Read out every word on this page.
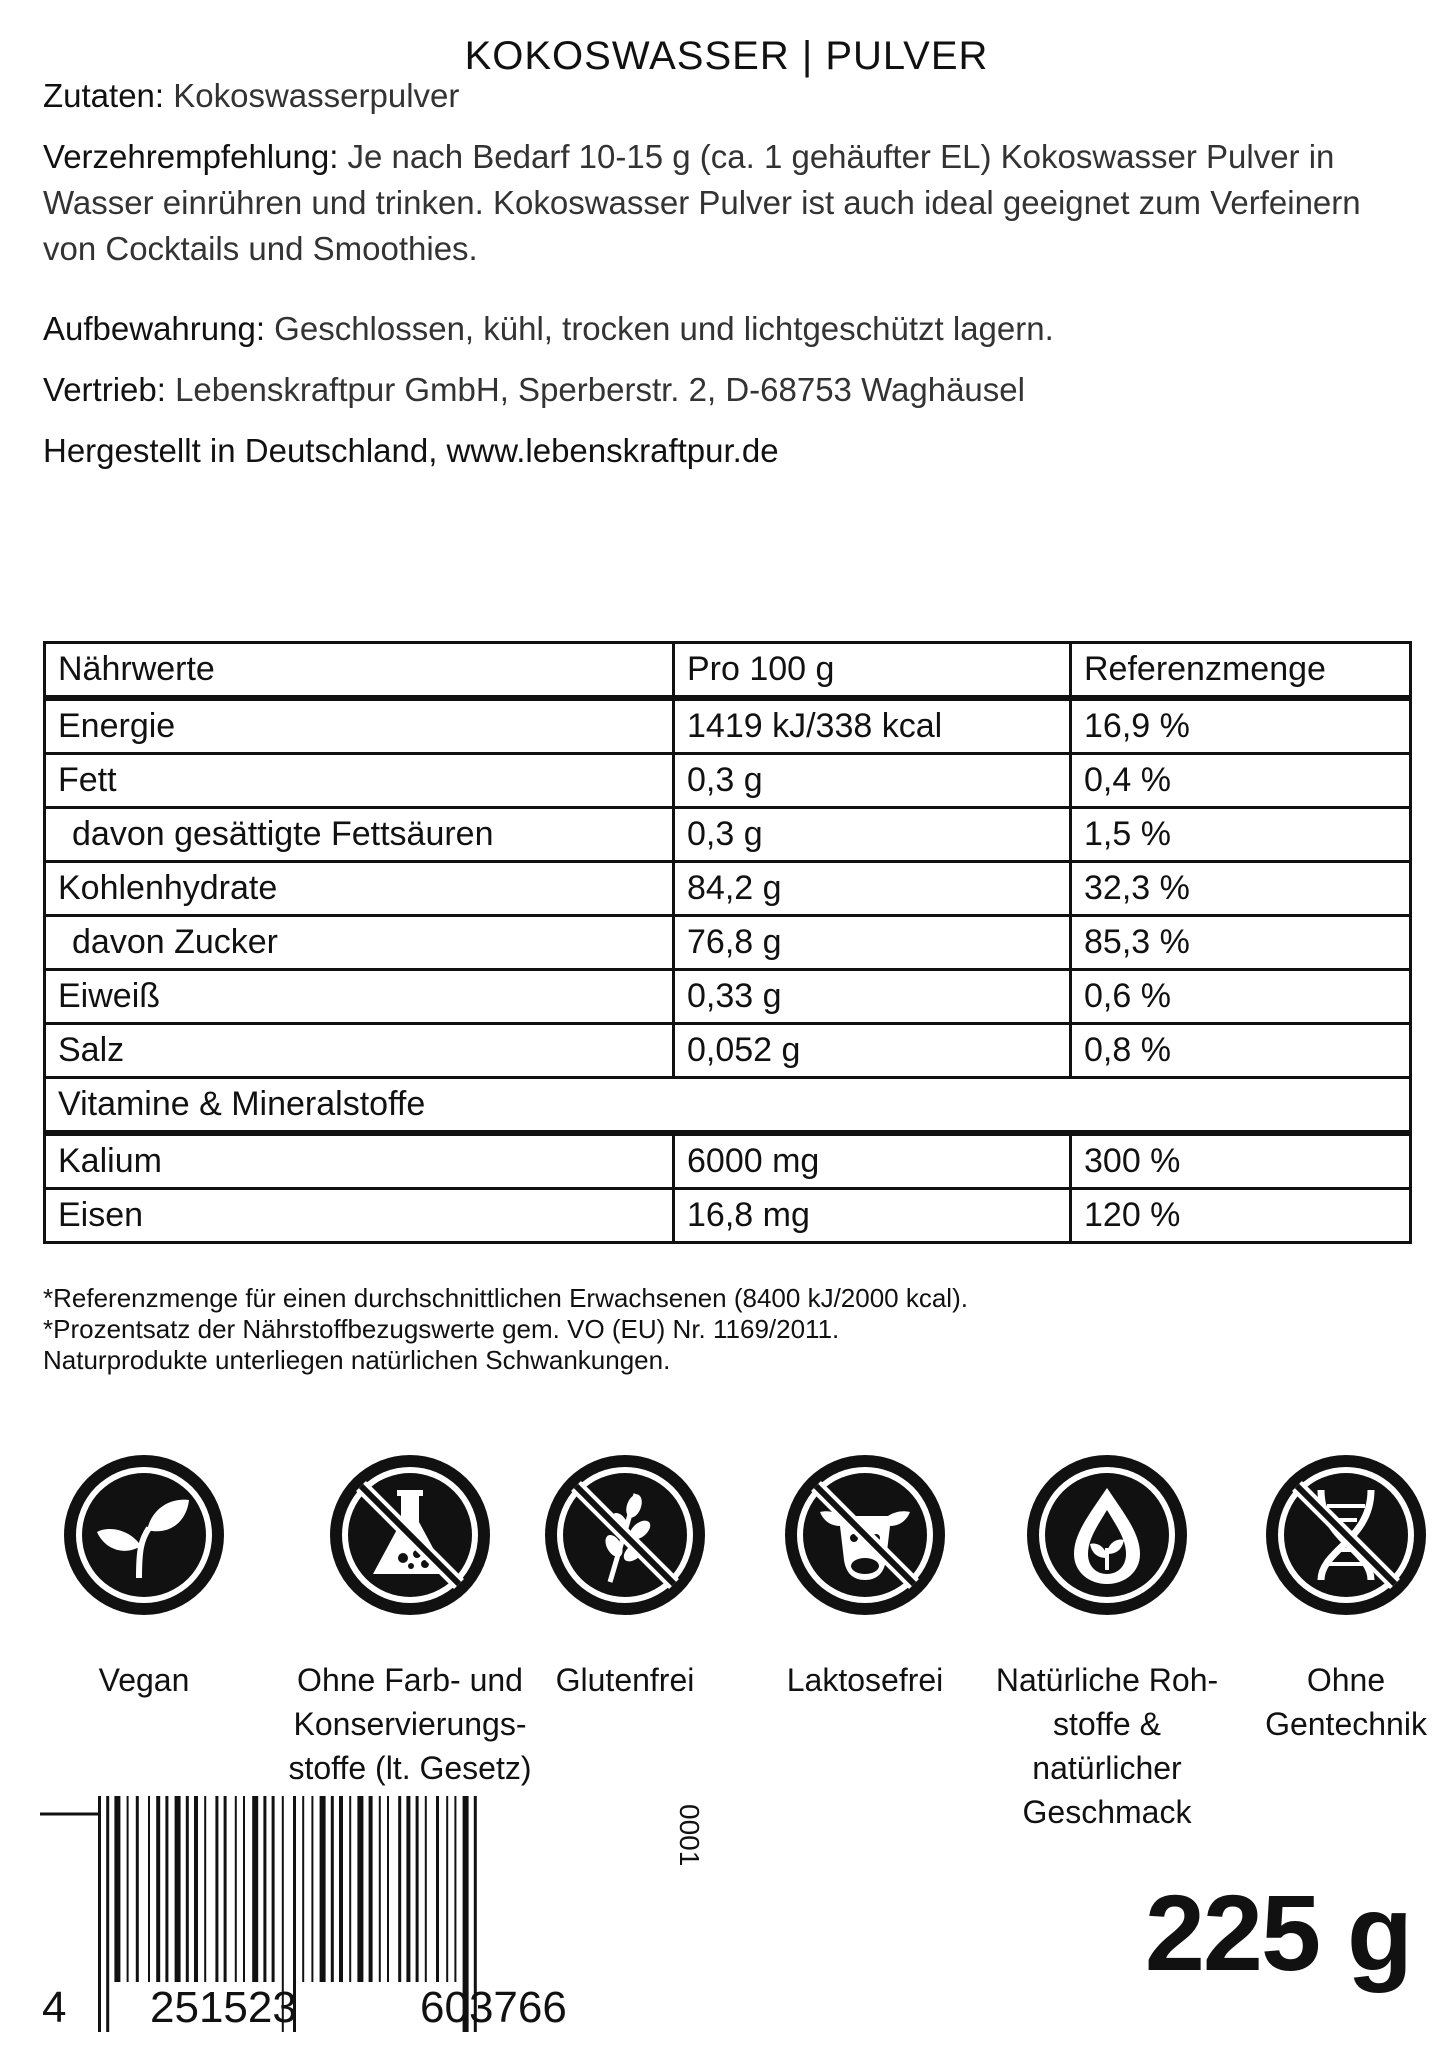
KOKOSWASSER | PULVER
Zutaten: Kokoswasserpulver
Verzehrempfehlung: Je nach Bedarf 10-15 g (ca. 1 gehäufter EL) Kokoswasser Pulver in Wasser einrühren und trinken. Kokoswasser Pulver ist auch ideal geeignet zum Verfeinern von Cocktails und Smoothies.
Aufbewahrung: Geschlossen, kühl, trocken und lichtgeschützt lagern.
Vertrieb: Lebenskraftpur GmbH, Sperberstr. 2, D-68753 Waghäusel
Hergestellt in Deutschland, www.lebenskraftpur.de
Nährwerte	Pro 100 g	Referenzmenge
Energie	1419 kJ/338 kcal	16,9 %
Fett	0,3 g	0,4 %
davon gesättigte Fettsäuren	0,3 g	1,5 %
Kohlenhydrate	84,2 g	32,3 %
davon Zucker	76,8 g	85,3 %
Eiweiß	0,33 g	0,6 %
Salz	0,052 g	0,8 %
Vitamine & Mineralstoffe		
Kalium	6000 mg	300 %
Eisen	16,8 mg	120 %
*Referenzmenge für einen durchschnittlichen Erwachsenen (8400 kJ/2000 kcal).
*Prozentsatz der Nährstoffbezugswerte gem. VO (EU) Nr. 1169/2011.
Naturprodukte unterliegen natürlichen Schwankungen.
Vegan	Ohne Farb- und
Konservierungs-
stoffe (lt. Gesetz)
Glutenfrei	Laktosefrei	Natürliche Roh-
stoffe & natürlicher
Geschmack
Ohne
Gentechnik
4 251523	603766
0001
225 g
